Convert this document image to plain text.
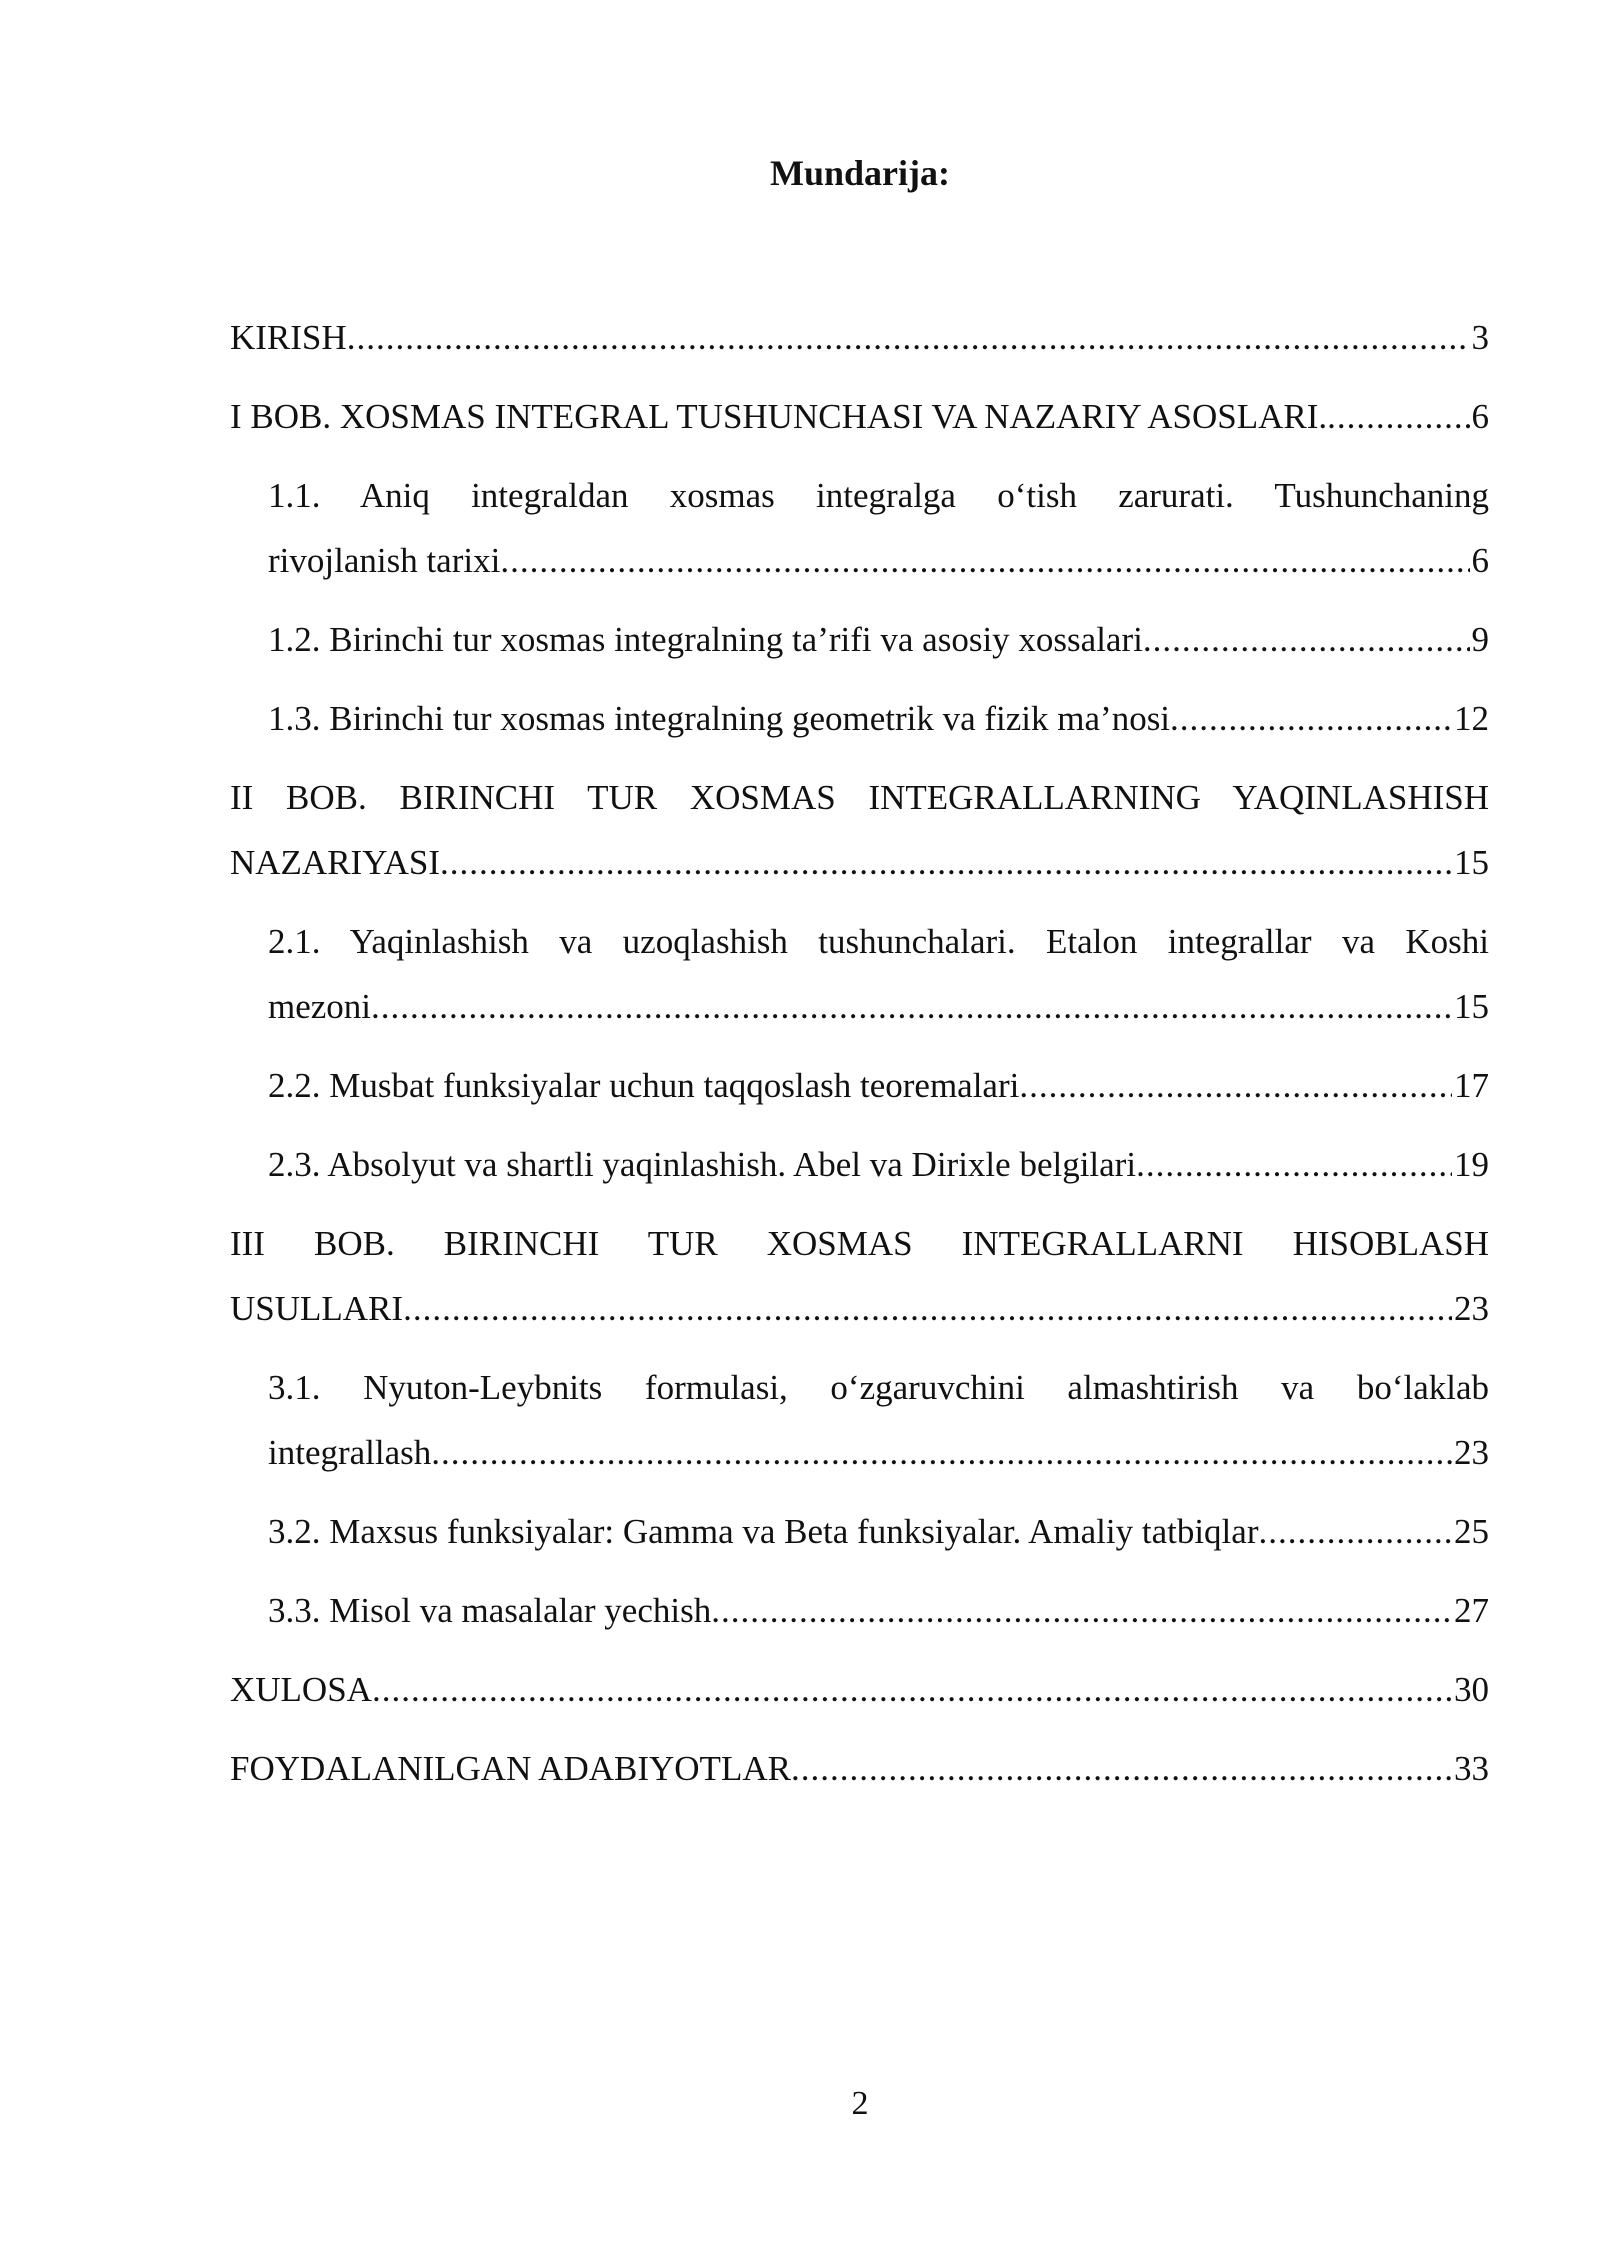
Mundarija:
KIRISH .....	3
I BOB. XOSMAS INTEGRAL TUSHUNCHASI VA NAZARIY ASOSLARI. .....	6
1.1. Aniq integraldan xosmas integralga o‘tish zarurati. Tushunchaning
rivojlanish tarixi .....	6
1.2. Birinchi tur xosmas integralning ta’rifi va asosiy xossalari .....	9
1.3. Birinchi tur xosmas integralning geometrik va fizik ma’nosi .....	12
II BOB. BIRINCHI TUR XOSMAS INTEGRALLARNING YAQINLASHISH
NAZARIYASI .....	15
2.1. Yaqinlashish va uzoqlashish tushunchalari. Etalon integrallar va Koshi
mezoni .....	15
2.2. Musbat funksiyalar uchun taqqoslash teoremalari .....	17
2.3. Absolyut va shartli yaqinlashish. Abel va Dirixle belgilari .....	19
III BOB. BIRINCHI TUR XOSMAS INTEGRALLARNI HISOBLASH
USULLARI .....	23
3.1. Nyuton-Leybnits formulasi, o‘zgaruvchini almashtirish va bo‘laklab
integrallash .....	23
3.2. Maxsus funksiyalar: Gamma va Beta funksiyalar. Amaliy tatbiqlar .....	25
3.3. Misol va masalalar yechish .....	27
XULOSA .....	30
FOYDALANILGAN ADABIYOTLAR .....	33
2
